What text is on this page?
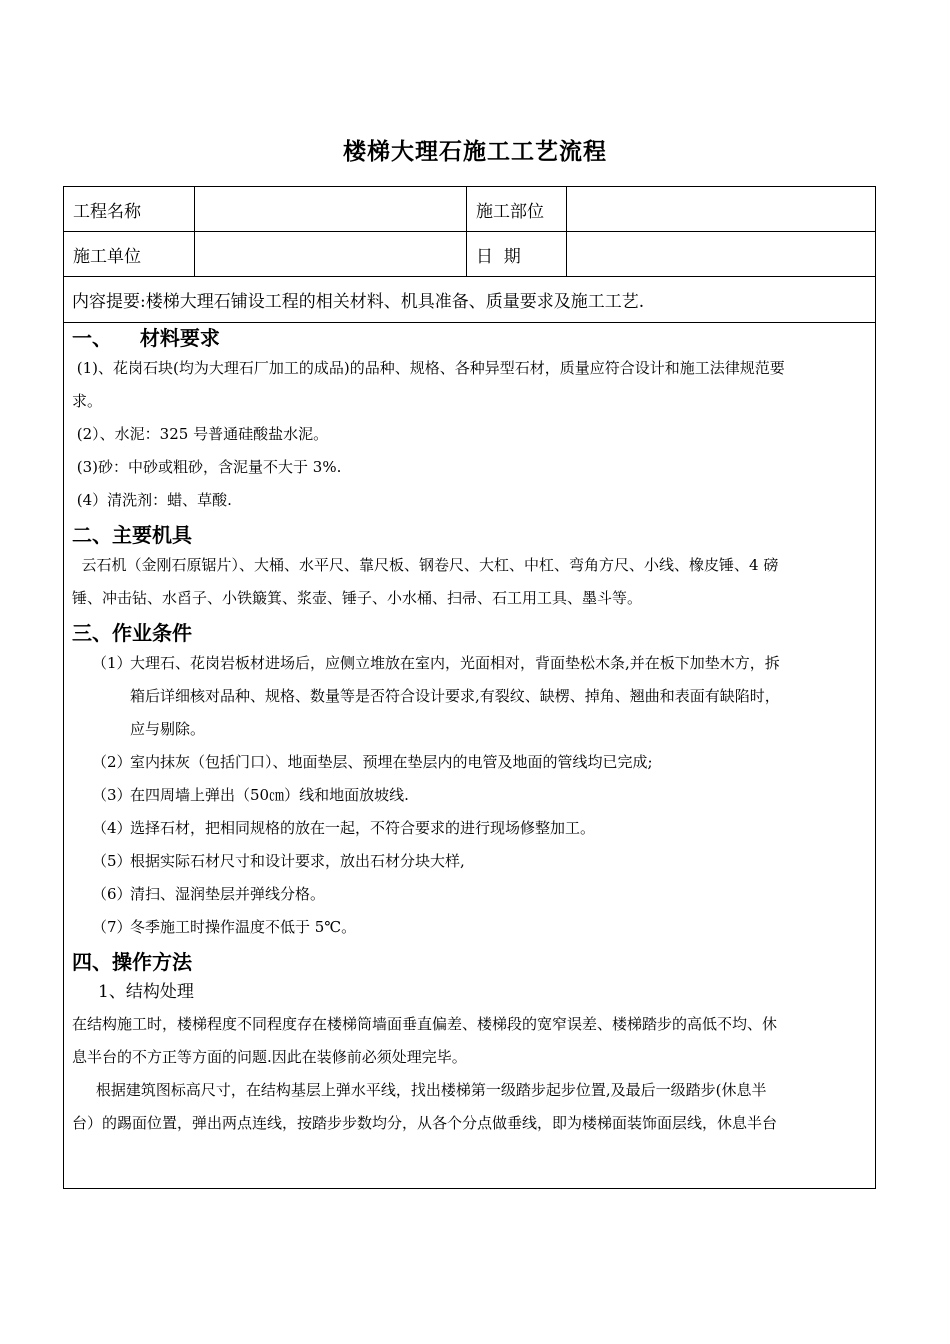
楼梯大理石施工工艺流程
工程名称	施工部位
施工单位	日  期
内容提要:楼梯大理石铺设工程的相关材料、机具准备、质量要求及施工工艺.
一、    材料要求

(1)、花岗石块(均为大理石厂加工的成品)的品种、规格、各种异型石材，质量应符合设计和施工法律规范要

求。

(2）、水泥：325 号普通硅酸盐水泥。

(3)砂：中砂或粗砂，含泥量不大于 3%.

(4）清洗剂：蜡、草酸.

二、主要机具

云石机（金刚石原锯片）、大桶、水平尺、靠尺板、钢卷尺、大杠、中杠、弯角方尺、小线、橡皮锤、4 磅

锤、冲击钻、水舀子、小铁簸箕、浆壶、锤子、小水桶、扫帚、石工用工具、墨斗等。

三、作业条件
（1）
大理石、花岗岩板材进场后，应侧立堆放在室内，光面相对，背面垫松木条,并在板下加垫木方，拆
箱后详细核对品种、规格、数量等是否符合设计要求,有裂纹、缺楞、掉角、翘曲和表面有缺陷时，
应与剔除。
（2）
室内抹灰（包括门口）、地面垫层、预埋在垫层内的电管及地面的管线均已完成;
（3）
在四周墙上弹出（50㎝）线和地面放坡线.
（4）
选择石材，把相同规格的放在一起，不符合要求的进行现场修整加工。
（5）
根据实际石材尺寸和设计要求，放出石材分块大样,
（6）
清扫、湿润垫层并弹线分格。
（7）
冬季施工时操作温度不低于 5℃。
四、操作方法
1、结构处理

在结构施工时，楼梯程度不同程度存在楼梯筒墙面垂直偏差、楼梯段的宽窄误差、楼梯踏步的高低不均、休

息半台的不方正等方面的问题.因此在装修前必须处理完毕。

根据建筑图标高尺寸，在结构基层上弹水平线，找出楼梯第一级踏步起步位置,及最后一级踏步(休息半

台）的踢面位置，弹出两点连线，按踏步步数均分，从各个分点做垂线，即为楼梯面装饰面层线，休息半台
